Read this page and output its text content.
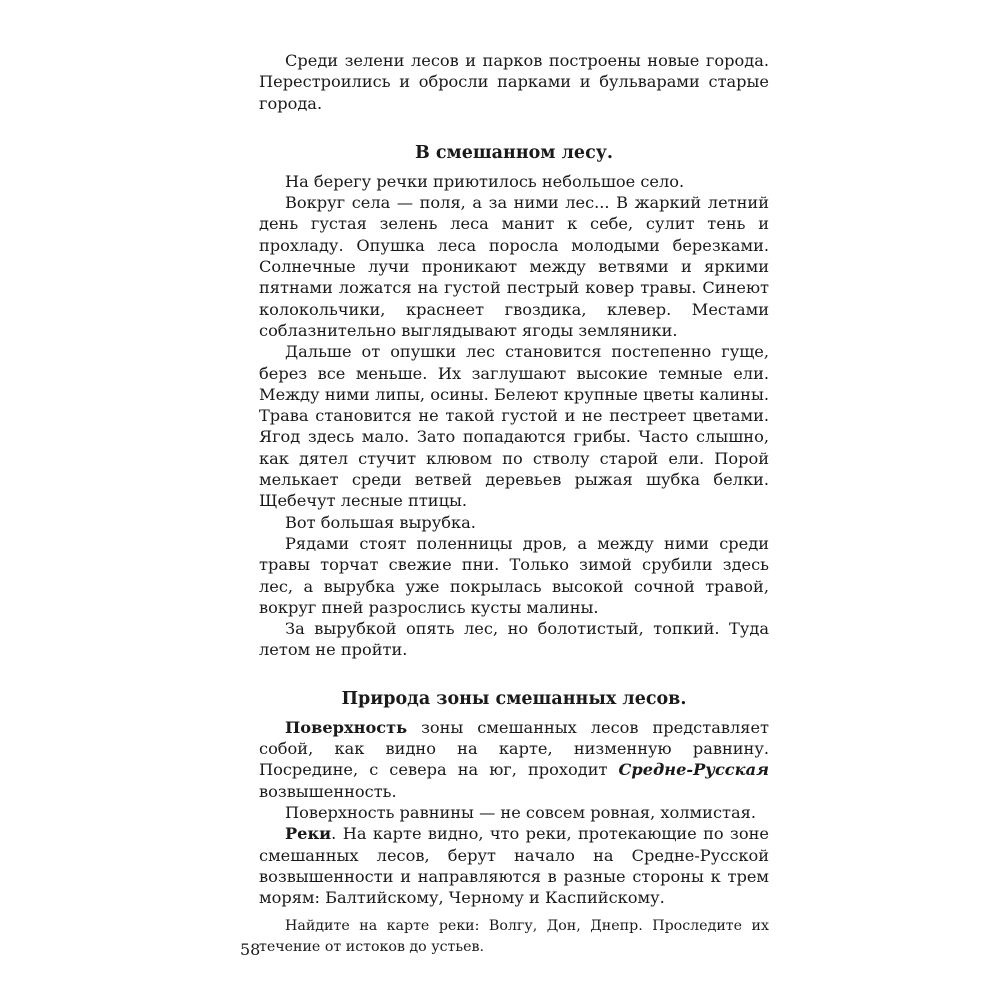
Среди зелени лесов и парков построены новые города. Перестроились и обросли парками и бульварами старые города.

В смешанном лесу.

На берегу речки приютилось небольшое село.

Вокруг села — поля, а за ними лес... В жаркий летний день густая зелень леса манит к себе, сулит тень и прохладу. Опушка леса поросла молодыми березками. Солнечные лучи проникают между ветвями и яркими пятнами ложатся на густой пестрый ковер травы. Синеют колокольчики, краснеет гвоздика, клевер. Местами соблазнительно выглядывают ягоды земляники.

Дальше от опушки лес становится постепенно гуще, берез все меньше. Их заглушают высокие темные ели. Между ними липы, осины. Белеют крупные цветы калины. Трава становится не такой густой и не пестреет цветами. Ягод здесь мало. Зато попадаются грибы. Часто слышно, как дятел стучит клювом по стволу старой ели. Порой мелькает среди ветвей деревьев рыжая шубка белки. Щебечут лесные птицы.

Вот большая вырубка.

Рядами стоят поленницы дров, а между ними среди травы торчат свежие пни. Только зимой срубили здесь лес, а вырубка уже покрылась высокой сочной травой, вокруг пней разрослись кусты малины.

За вырубкой опять лес, но болотистый, топкий. Туда летом не пройти.

Природа зоны смешанных лесов.

Поверхность зоны смешанных лесов представляет собой, как видно на карте, низменную равнину. Посредине, с севера на юг, проходит Средне-Русская возвышенность.

Поверхность равнины — не совсем ровная, холмистая.

Реки. На карте видно, что реки, протекающие по зоне смешанных лесов, берут начало на Средне-Русской возвышенности и направляются в разные стороны к трем морям: Балтийскому, Черному и Каспийскому.

Найдите на карте реки: Волгу, Дон, Днепр. Проследите их течение от истоков до устьев.

58
